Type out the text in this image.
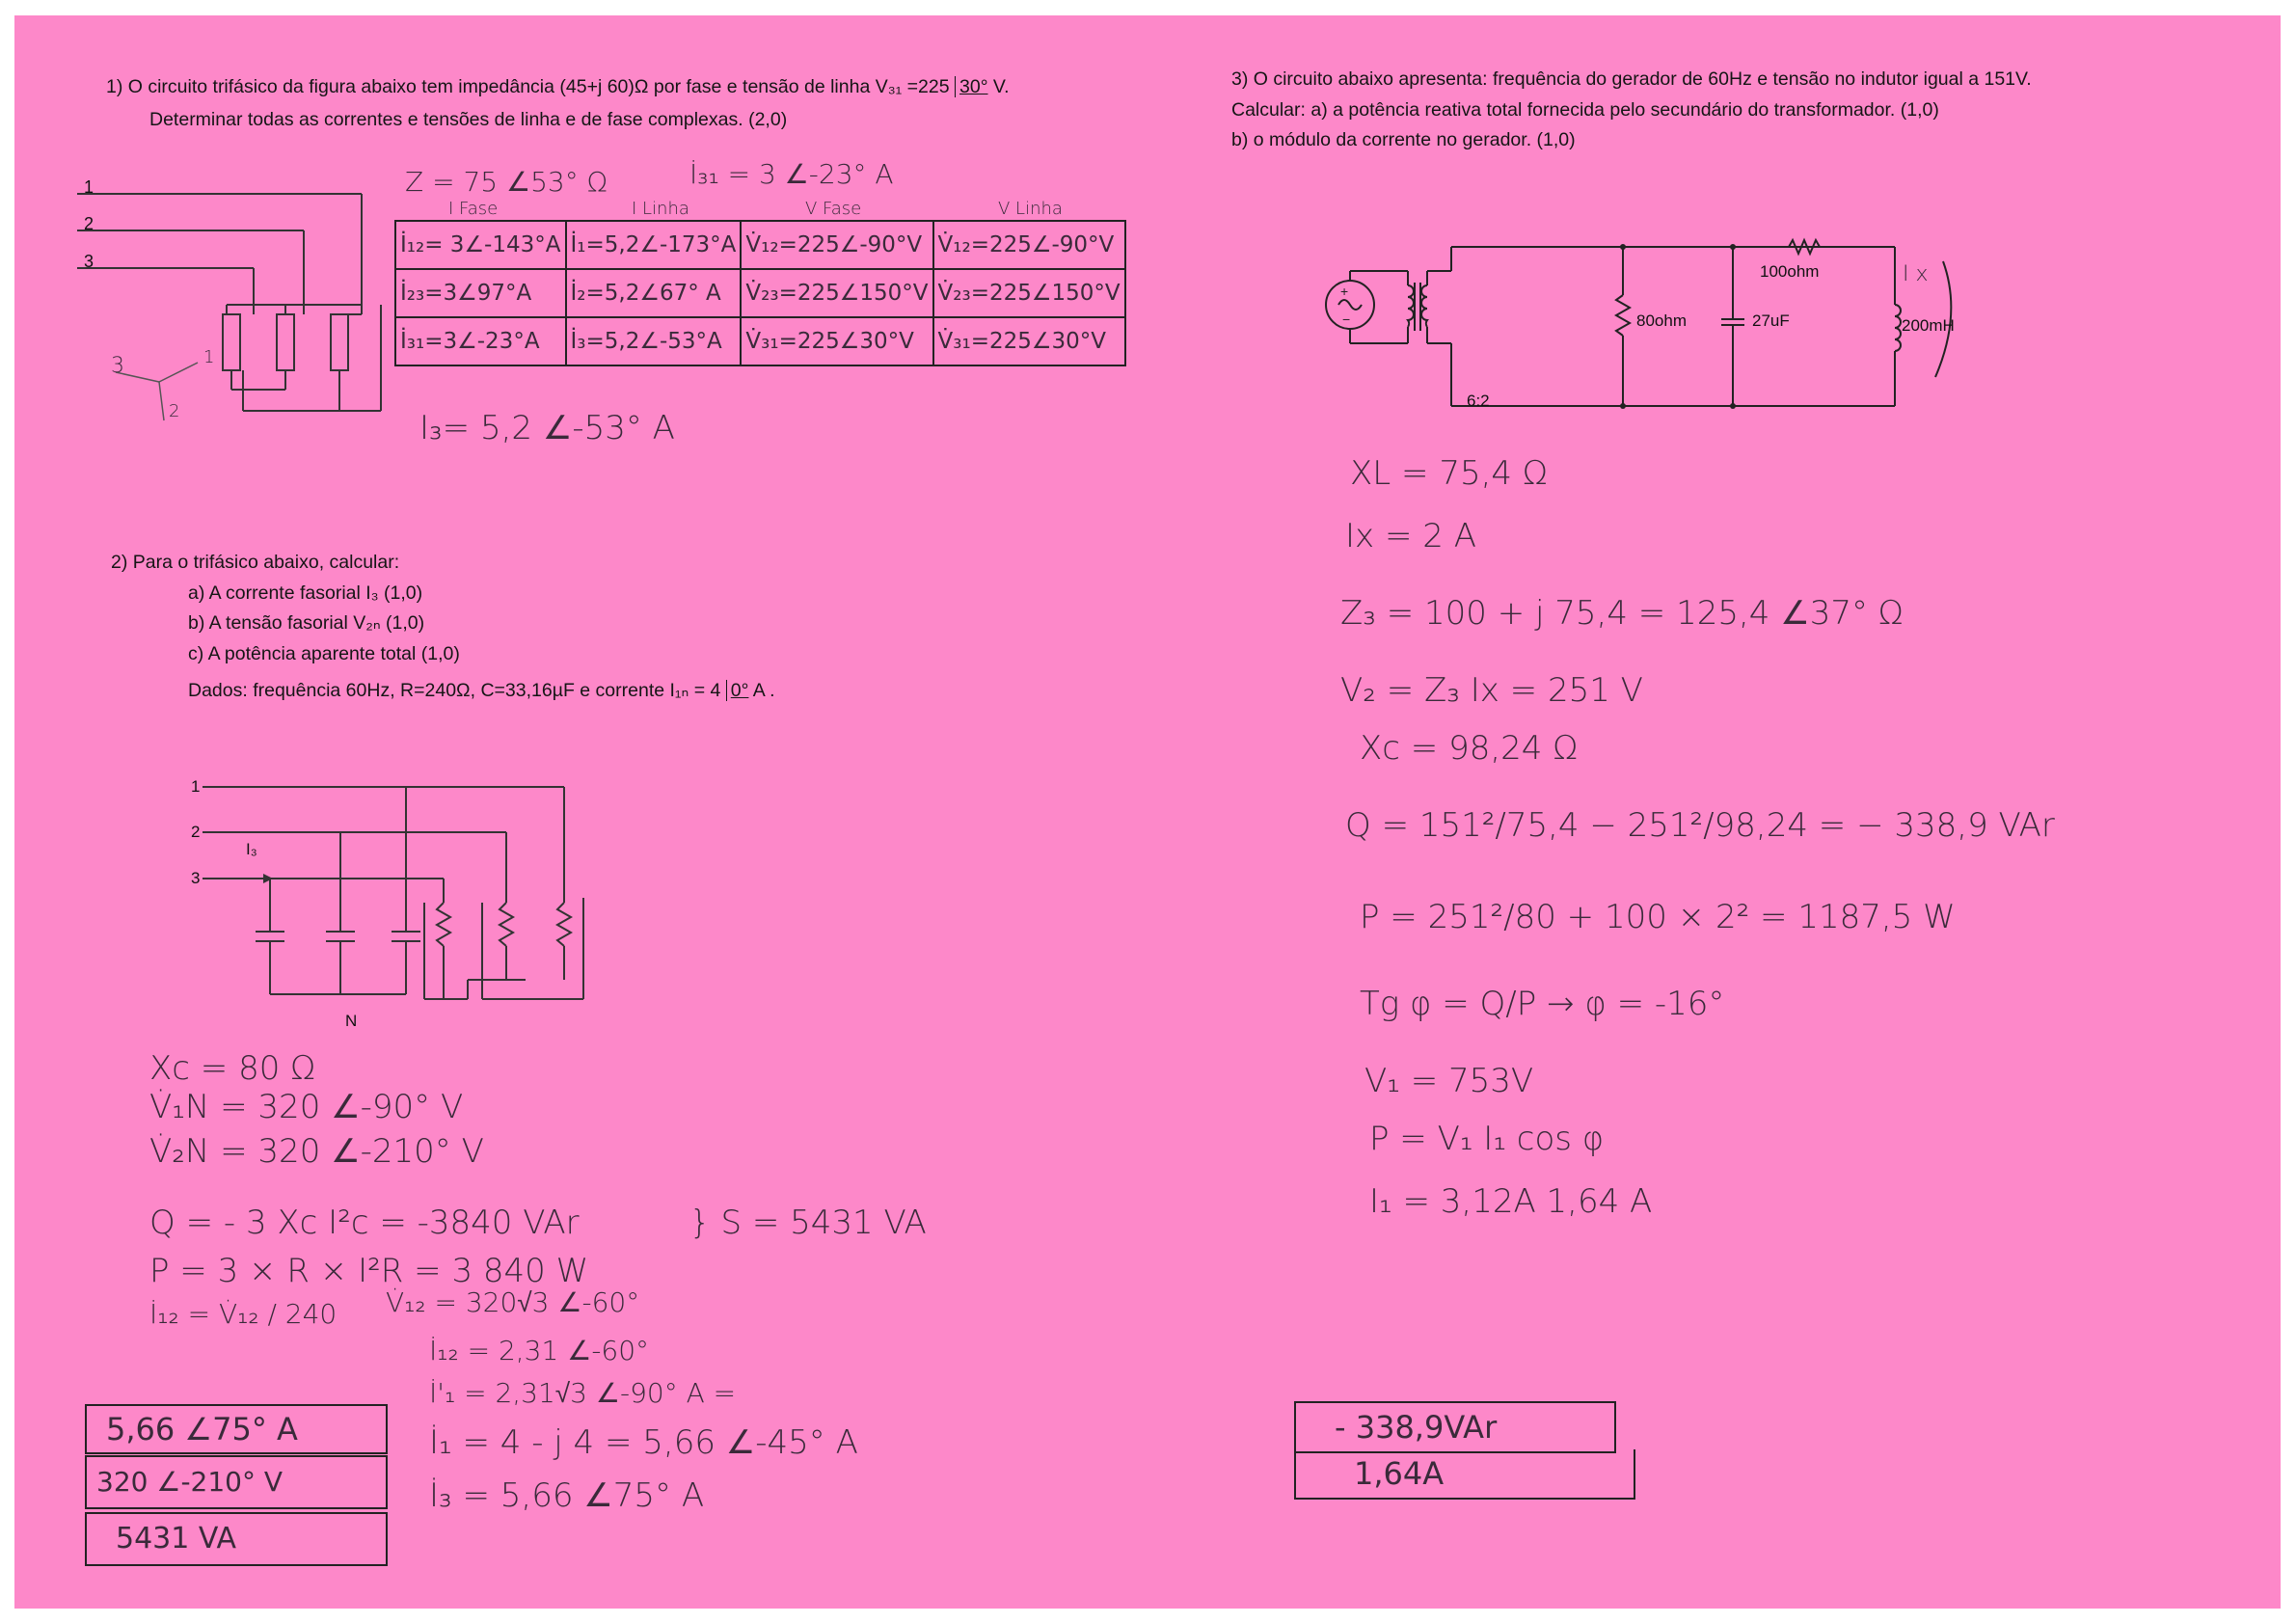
1) O circuito trifásico da figura abaixo tem impedância (45+j 60)Ω por fase e tensão de linha V₃₁ =225 30° V.
Determinar todas as correntes e tensões de linha e de fase complexas. (2,0)
1
2
3
3	1
2
Z = 75 ∠53° Ω	İ₃₁ = 3 ∠-23° A
I Fase	I Linha	V Fase	V Linha
İ₁₂= 3∠-143°A	İ₁=5,2∠-173°A	V̇₁₂=225∠-90°V	V̇₁₂=225∠-90°V
İ₂₃=3∠97°A	İ₂=5,2∠67° A	V̇₂₃=225∠150°V	V̇₂₃=225∠150°V
İ₃₁=3∠-23°A	İ₃=5,2∠-53°A	V̇₃₁=225∠30°V	V̇₃₁=225∠30°V
I₃= 5,2 ∠-53° A
2) Para o trifásico abaixo, calcular:
a) A corrente fasorial I₃ (1,0)
b) A tensão fasorial V₂ₙ (1,0)
c) A potência aparente total (1,0)
Dados: frequência 60Hz, R=240Ω, C=33,16µF e corrente I₁ₙ = 4 0° A .
1
2
3
I₃
N
Xc = 80 Ω
V̇₁N = 320 ∠-90° V
V̇₂N = 320 ∠-210° V
Q = - 3 Xc I²c = -3840 VAr	} S = 5431 VA
P = 3 × R × I²R = 3 840 W
İ₁₂ = V̇₁₂ / 240 V̇₁₂ = 320√3 ∠-60°
İ₁₂ = 2,31 ∠-60°
İ'₁ = 2,31√3 ∠-90° A =
İ₁ = 4 - j 4 = 5,66 ∠-45° A
İ₃ = 5,66 ∠75° A
5,66 ∠75° A
320 ∠-210° V
5431 VA
3) O circuito abaixo apresenta: frequência do gerador de 60Hz e tensão no indutor igual a 151V.
Calcular: a) a potência reativa total fornecida pelo secundário do transformador. (1,0)
b) o módulo da corrente no gerador. (1,0)
+
−
100ohm
80ohm	27uF	200mH
6:2
I x
XL = 75,4 Ω
Ix = 2 A
Z₃ = 100 + j 75,4 = 125,4 ∠37° Ω
V₂ = Z₃ Ix = 251 V
Xc = 98,24 Ω
Q = 151²/75,4 − 251²/98,24 = − 338,9 VAr
P = 251²/80 + 100 × 2² = 1187,5 W
Tg φ = Q/P → φ = -16°
V₁ = 753V
P = V₁ I₁ cos φ
I₁ = 3,12A 1,64 A
- 338,9VAr
1,64A
